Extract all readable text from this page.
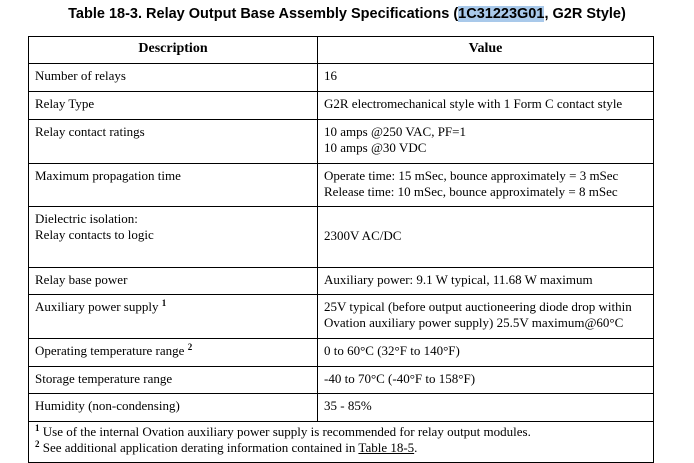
Table 18-3. Relay Output Base Assembly Specifications (1C31223G01, G2R Style)
Description	Value
Number of relays	16
Relay Type	G2R electromechanical style with 1 Form C contact style
Relay contact ratings	10 amps @250 VAC, PF=1
10 amps @30 VDC

Maximum propagation time	Operate time: 15 mSec, bounce approximately = 3 mSec
Release time: 10 mSec, bounce approximately = 8 mSec

Dielectric isolation:
Relay contacts to logic	2300V AC/DC
Relay base power	Auxiliary power: 9.1 W typical, 11.68 W maximum
Auxiliary power supply $^1$	25V typical (before output auctioneering diode drop within
Ovation auxiliary power supply) 25.5V maximum@60°C

Operating temperature range $^2$	0 to 60°C (32°F to 140°F)
Storage temperature range	-40 to 70°C (-40°F to 158°F)
Humidity (non-condensing)	35 - 85%

$^1$ Use of the internal Ovation auxiliary power supply is recommended for relay output modules.
$^2$ See additional application derating information contained in Table 18-5.	
